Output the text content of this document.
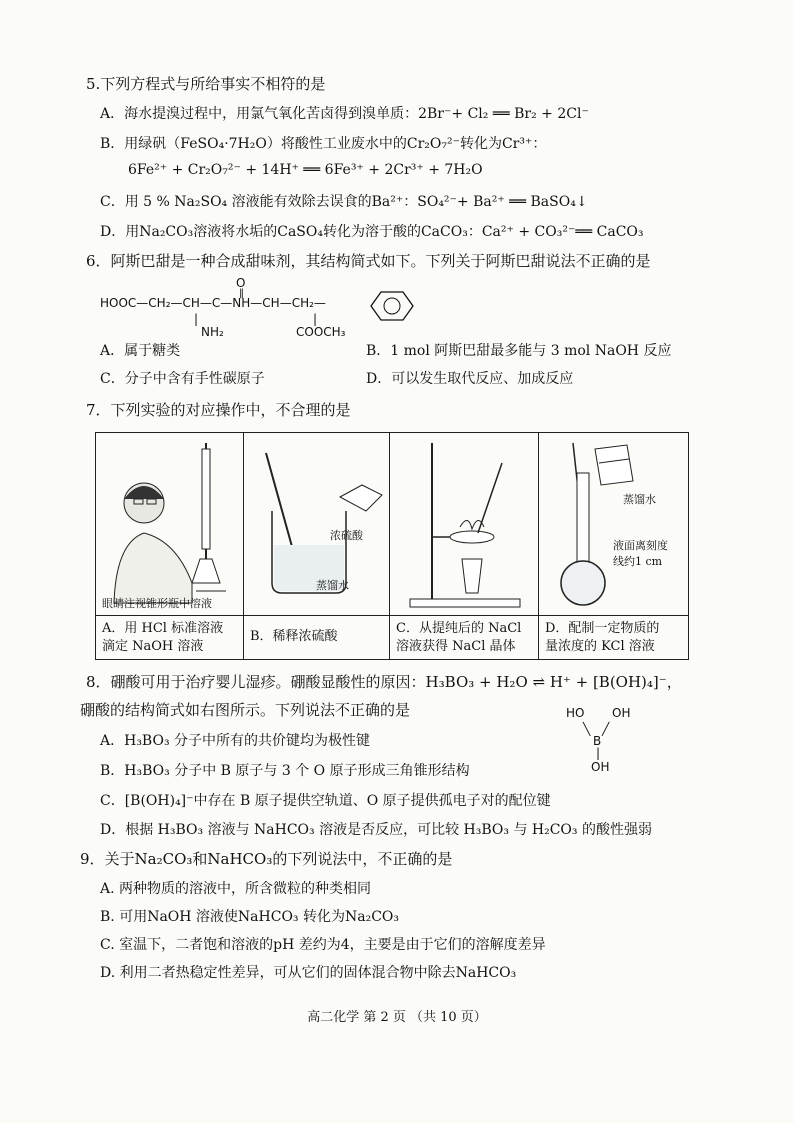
5.下列方程式与所给事实不相符的是
A．海水提溴过程中，用氯气氧化苦卤得到溴单质：2Br⁻+ Cl₂ ══ Br₂ + 2Cl⁻
B．用绿矾（FeSO₄·7H₂O）将酸性工业废水中的Cr₂O₇²⁻转化为Cr³⁺：
6Fe²⁺ + Cr₂O₇²⁻ + 14H⁺ ══ 6Fe³⁺ + 2Cr³⁺ + 7H₂O
C．用 5 % Na₂SO₄ 溶液能有效除去误食的Ba²⁺：SO₄²⁻+ Ba²⁺ ══ BaSO₄↓
D．用Na₂CO₃溶液将水垢的CaSO₄转化为溶于酸的CaCO₃：Ca²⁺ + CO₃²⁻══ CaCO₃
6．阿斯巴甜是一种合成甜味剂，其结构简式如下。下列关于阿斯巴甜说法不正确的是
O
‖
HOOC—CH₂—CH—C—NH—CH—CH₂—
|
NH₂
|
COOCH₃
A．属于糖类	B．1 mol 阿斯巴甜最多能与 3 mol NaOH 反应
C．分子中含有手性碳原子	D．可以发生取代反应、加成反应
7．下列实验的对应操作中，不合理的是
眼睛注视锥形瓶中溶液
A．用 HCl 标准溶液
滴定 NaOH 溶液
浓硫酸
蒸馏水
B．稀释浓硫酸
C．从提纯后的 NaCl
溶液获得 NaCl 晶体
蒸馏水
液面离刻度
线约1 cm
D．配制一定物质的
量浓度的 KCl 溶液
8．硼酸可用于治疗婴儿湿疹。硼酸显酸性的原因：H₃BO₃ + H₂O ⇌ H⁺ + [B(OH)₄]⁻，
硼酸的结构简式如右图所示。下列说法不正确的是	HO OH
╲ ╱
B
|
OH
A．H₃BO₃ 分子中所有的共价键均为极性键
B．H₃BO₃ 分子中 B 原子与 3 个 O 原子形成三角锥形结构
C．[B(OH)₄]⁻中存在 B 原子提供空轨道、O 原子提供孤电子对的配位键
D．根据 H₃BO₃ 溶液与 NaHCO₃ 溶液是否反应，可比较 H₃BO₃ 与 H₂CO₃ 的酸性强弱
9．关于Na₂CO₃和NaHCO₃的下列说法中，不正确的是
A. 两种物质的溶液中，所含微粒的种类相同
B. 可用NaOH 溶液使NaHCO₃ 转化为Na₂CO₃
C. 室温下，二者饱和溶液的pH 差约为4，主要是由于它们的溶解度差异
D. 利用二者热稳定性差异，可从它们的固体混合物中除去NaHCO₃
高二化学 第 2 页 （共 10 页）
